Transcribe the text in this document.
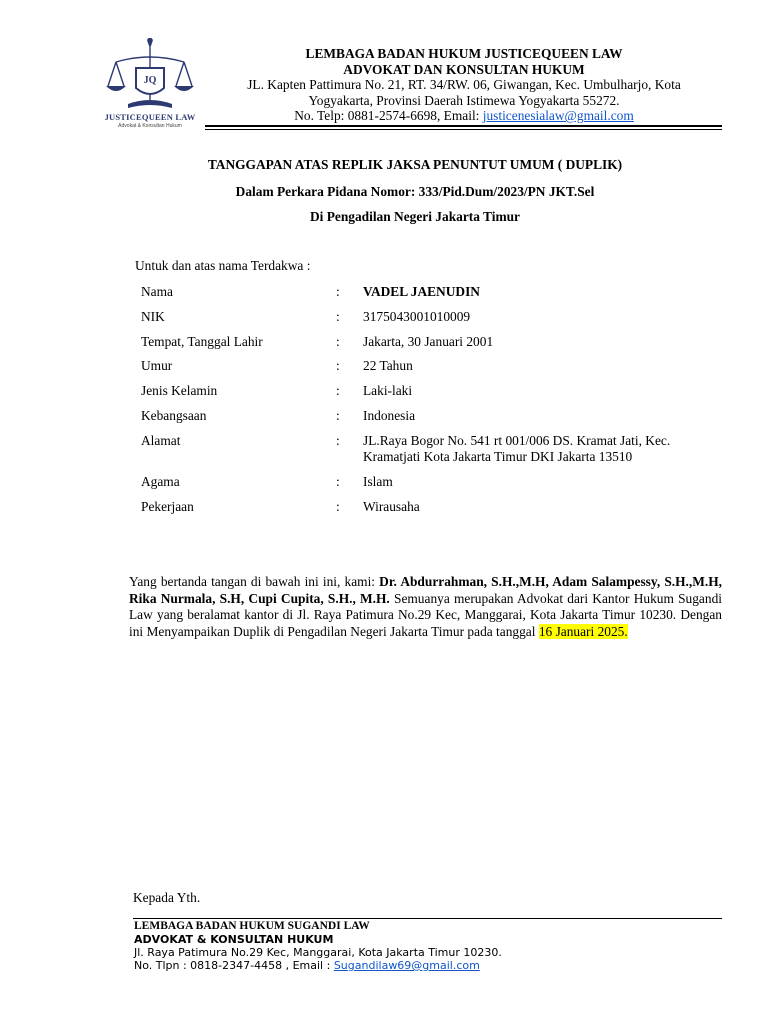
JQ
JUSTICEQUEEN LAW
Advokat & Konsultan Hukum
LEMBAGA BADAN HUKUM JUSTICEQUEEN LAW
ADVOKAT DAN KONSULTAN HUKUM
JL. Kapten Pattimura No. 21, RT. 34/RW. 06, Giwangan, Kec. Umbulharjo, Kota
Yogyakarta, Provinsi Daerah Istimewa Yogyakarta 55272.
No. Telp: 0881-2574-6698, Email: justicenesialaw@gmail.com
TANGGAPAN ATAS REPLIK JAKSA PENUNTUT UMUM ( DUPLIK)
Dalam Perkara Pidana Nomor: 333/Pid.Dum/2023/PN JKT.Sel
Di Pengadilan Negeri Jakarta Timur
Untuk dan atas nama Terdakwa :
Nama	: VADEL JAENUDIN
NIK	: 3175043001010009
Tempat, Tanggal Lahir	: Jakarta, 30 Januari 2001
Umur	: 22 Tahun
Jenis Kelamin	: Laki-laki
Kebangsaan	: Indonesia
Alamat	: JL.Raya Bogor No. 541 rt 001/006 DS. Kramat Jati, Kec.
Kramatjati Kota Jakarta Timur DKI Jakarta 13510
Agama	: Islam
Pekerjaan	: Wirausaha
Yang bertanda tangan di bawah ini ini, kami: Dr. Abdurrahman, S.H.,M.H, Adam Salampessy, S.H.,M.H, Rika Nurmala, S.H, Cupi Cupita, S.H., M.H. Semuanya merupakan Advokat dari Kantor Hukum Sugandi Law yang beralamat kantor di Jl. Raya Patimura No.29 Kec, Manggarai, Kota Jakarta Timur 10230. Dengan ini Menyampaikan Duplik di Pengadilan Negeri Jakarta Timur pada tanggal 16 Januari 2025.
Kepada Yth.
LEMBAGA BADAN HUKUM SUGANDI LAW
ADVOKAT & KONSULTAN HUKUM
Jl. Raya Patimura No.29 Kec, Manggarai, Kota Jakarta Timur 10230.
No. Tlpn : 0818-2347-4458 , Email : Sugandilaw69@gmail.com
